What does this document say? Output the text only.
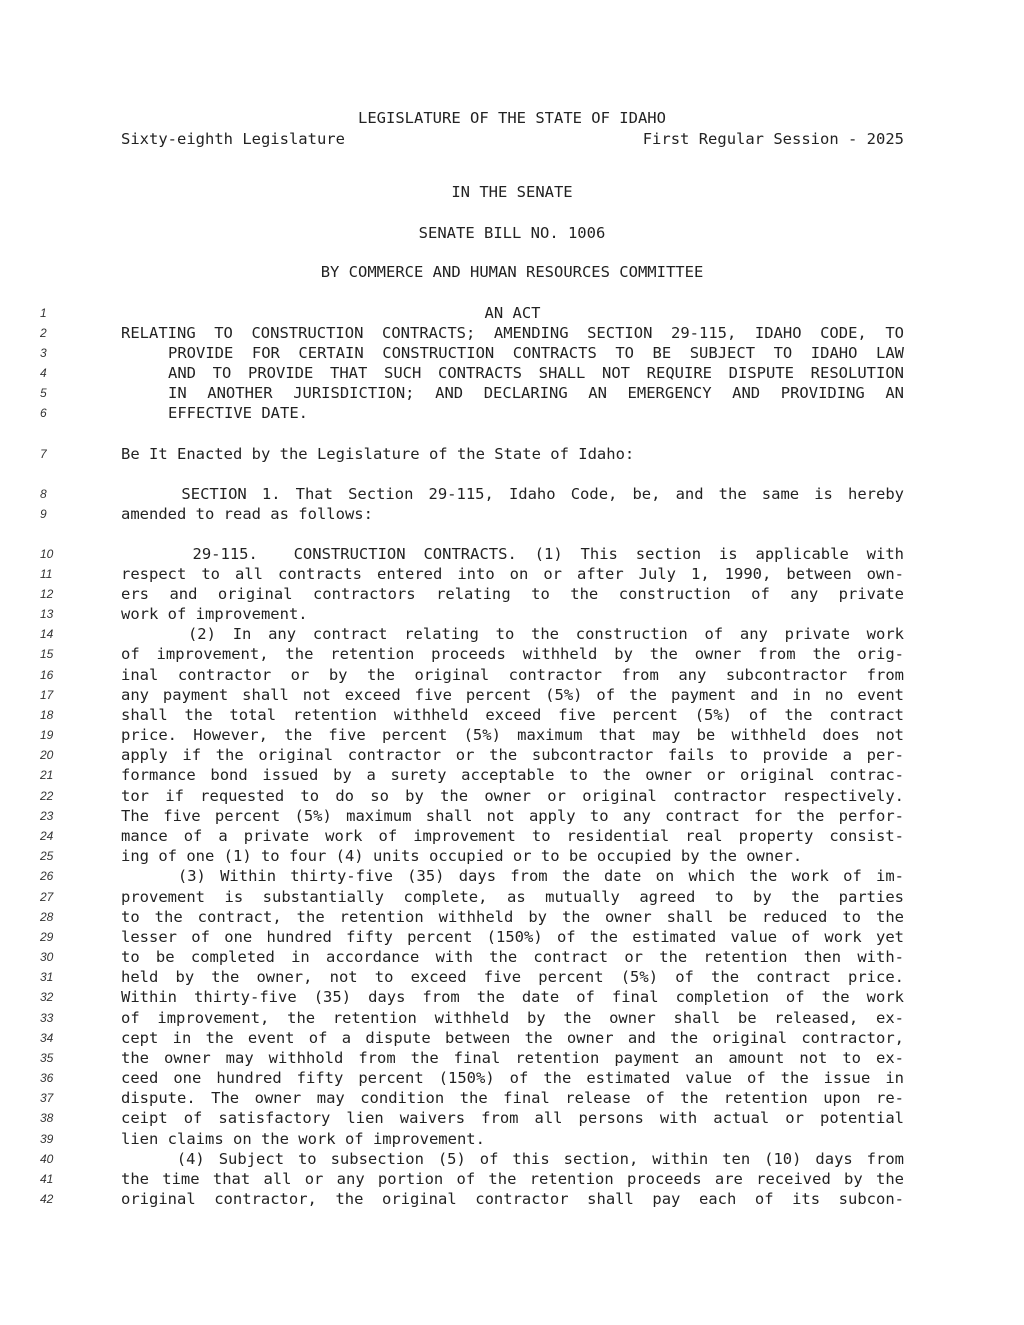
LEGISLATURE OF THE STATE OF IDAHO

Sixty-eighth Legislature

	First Regular Session - 2025

IN THE SENATE
SENATE BILL NO. 1006
BY COMMERCE AND HUMAN RESOURCES COMMITTEE
1	AN ACT
2	RELATING TO CONSTRUCTION CONTRACTS; AMENDING SECTION 29-115, IDAHO CODE, TO
3	PROVIDE FOR CERTAIN CONSTRUCTION CONTRACTS TO BE SUBJECT TO IDAHO LAW
4	AND TO PROVIDE THAT SUCH CONTRACTS SHALL NOT REQUIRE DISPUTE RESOLUTION
5	IN ANOTHER JURISDICTION; AND DECLARING AN EMERGENCY AND PROVIDING AN
6	EFFECTIVE DATE.
7	Be It Enacted by the Legislature of the State of Idaho:
8	SECTION 1. That Section 29-115, Idaho Code, be, and the same is hereby
9	amended to read as follows:
10	29-115.  CONSTRUCTION CONTRACTS. (1) This section is applicable with
11	respect to all contracts entered into on or after July 1, 1990, between own-
12	ers and original contractors relating to the construction of any private
13	work of improvement.
14	(2) In any contract relating to the construction of any private work
15	of improvement, the retention proceeds withheld by the owner from the orig-
16	inal contractor or by the original contractor from any subcontractor from
17	any payment shall not exceed five percent (5%) of the payment and in no event
18	shall the total retention withheld exceed five percent (5%) of the contract
19	price. However, the five percent (5%) maximum that may be withheld does not
20	apply if the original contractor or the subcontractor fails to provide a per-
21	formance bond issued by a surety acceptable to the owner or original contrac-
22	tor if requested to do so by the owner or original contractor respectively.
23	The five percent (5%) maximum shall not apply to any contract for the perfor-
24	mance of a private work of improvement to residential real property consist-
25	ing of one (1) to four (4) units occupied or to be occupied by the owner.
26	(3) Within thirty-five (35) days from the date on which the work of im-
27	provement is substantially complete, as mutually agreed to by the parties
28	to the contract, the retention withheld by the owner shall be reduced to the
29	lesser of one hundred fifty percent (150%) of the estimated value of work yet
30	to be completed in accordance with the contract or the retention then with-
31	held by the owner, not to exceed five percent (5%) of the contract price.
32	Within thirty-five (35) days from the date of final completion of the work
33	of improvement, the retention withheld by the owner shall be released, ex-
34	cept in the event of a dispute between the owner and the original contractor,
35	the owner may withhold from the final retention payment an amount not to ex-
36	ceed one hundred fifty percent (150%) of the estimated value of the issue in
37	dispute. The owner may condition the final release of the retention upon re-
38	ceipt of satisfactory lien waivers from all persons with actual or potential
39	lien claims on the work of improvement.
40	(4) Subject to subsection (5) of this section, within ten (10) days from
41	the time that all or any portion of the retention proceeds are received by the
42	original contractor, the original contractor shall pay each of its subcon-
